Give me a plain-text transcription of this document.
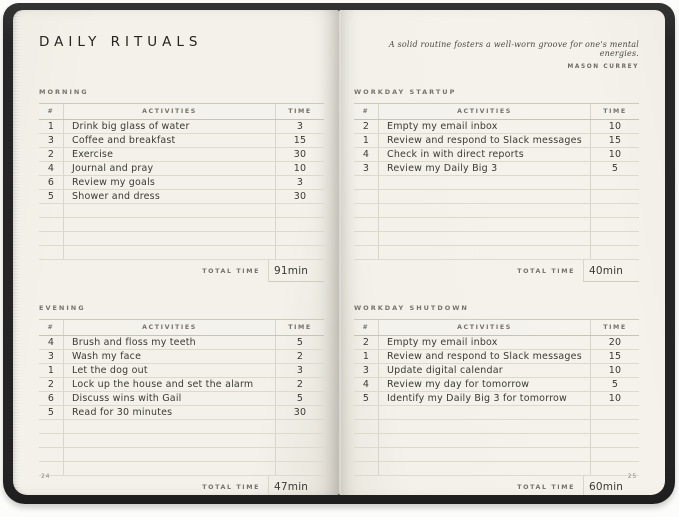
DAILY RITUALS
MORNING
#	ACTIVITIES	TIME
1	Drink big glass of water	3
3	Coffee and breakfast	15
2	Exercise	30
4	Journal and pray	10
6	Review my goals	3
5	Shower and dress	30
TOTAL TIME	91min
EVENING
#	ACTIVITIES	TIME
4	Brush and floss my teeth	5
3	Wash my face	2
1	Let the dog out	3
2	Lock up the house and set the alarm	2
6	Discuss wins with Gail	5
5	Read for 30 minutes	30
TOTAL TIME	47min
24
A solid routine fosters a well-worn groove for one's mental energies.
MASON CURREY
WORKDAY STARTUP
#	ACTIVITIES	TIME
2	Empty my email inbox	10
1	Review and respond to Slack messages	15
4	Check in with direct reports	10
3	Review my Daily Big 3	5
TOTAL TIME	40min
WORKDAY SHUTDOWN
#	ACTIVITIES	TIME
2	Empty my email inbox	20
1	Review and respond to Slack messages	15
3	Update digital calendar	10
4	Review my day for tomorrow	5
5	Identify my Daily Big 3 for tomorrow	10
TOTAL TIME	60min
25
